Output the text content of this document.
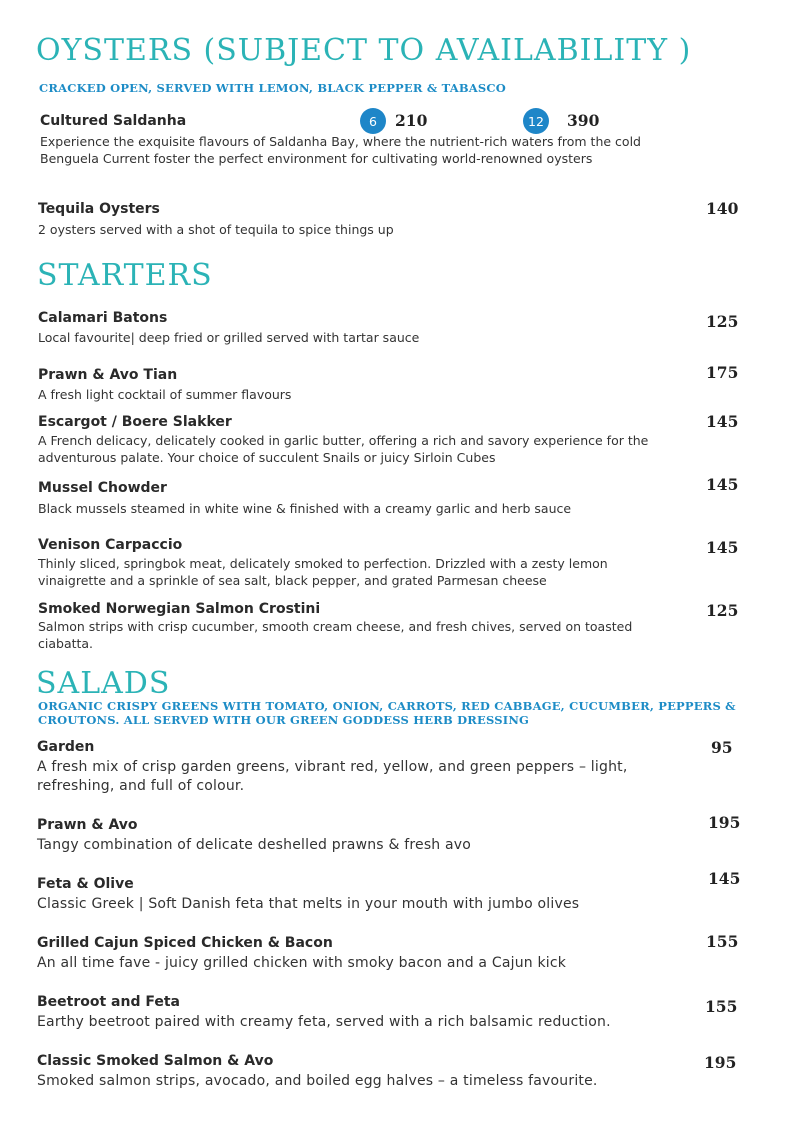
OYSTERS (SUBJECT TO AVAILABILITY )
CRACKED OPEN, SERVED WITH LEMON, BLACK PEPPER & TABASCO
Cultured Saldanha	6	210	12	390
Experience the exquisite flavours of Saldanha Bay, where the nutrient-rich waters from the cold Benguela Current foster the perfect environment for cultivating world-renowned oysters
Tequila Oysters	140
2 oysters served with a shot of tequila to spice things up
STARTERS
Calamari Batons	125
Local favourite| deep fried or grilled served with tartar sauce
Prawn & Avo Tian	175
A fresh light cocktail of summer flavours
Escargot / Boere Slakker	145
A French delicacy, delicately cooked in garlic butter, offering a rich and savory experience for the adventurous palate. Your choice of succulent Snails or juicy Sirloin Cubes
Mussel Chowder	145
Black mussels steamed in white wine & finished with a creamy garlic and herb sauce
Venison Carpaccio	145
Thinly sliced, springbok meat, delicately smoked to perfection. Drizzled with a zesty lemon vinaigrette and a sprinkle of sea salt, black pepper, and grated Parmesan cheese
Smoked Norwegian Salmon Crostini	125
Salmon strips with crisp cucumber, smooth cream cheese, and fresh chives, served on toasted ciabatta.
SALADS
ORGANIC CRISPY GREENS WITH TOMATO, ONION, CARROTS, RED CABBAGE, CUCUMBER, PEPPERS & CROUTONS. ALL SERVED WITH OUR GREEN GODDESS HERB DRESSING
Garden	95
A fresh mix of crisp garden greens, vibrant red, yellow, and green peppers – light, refreshing, and full of colour.
Prawn & Avo	195
Tangy combination of delicate deshelled prawns & fresh avo
Feta & Olive	145
Classic Greek | Soft Danish feta that melts in your mouth with jumbo olives
Grilled Cajun Spiced Chicken & Bacon	155
An all time fave - juicy grilled chicken with smoky bacon and a Cajun kick
Beetroot and Feta	155
Earthy beetroot paired with creamy feta, served with a rich balsamic reduction.
Classic Smoked Salmon & Avo	195
Smoked salmon strips, avocado, and boiled egg halves – a timeless favourite.
